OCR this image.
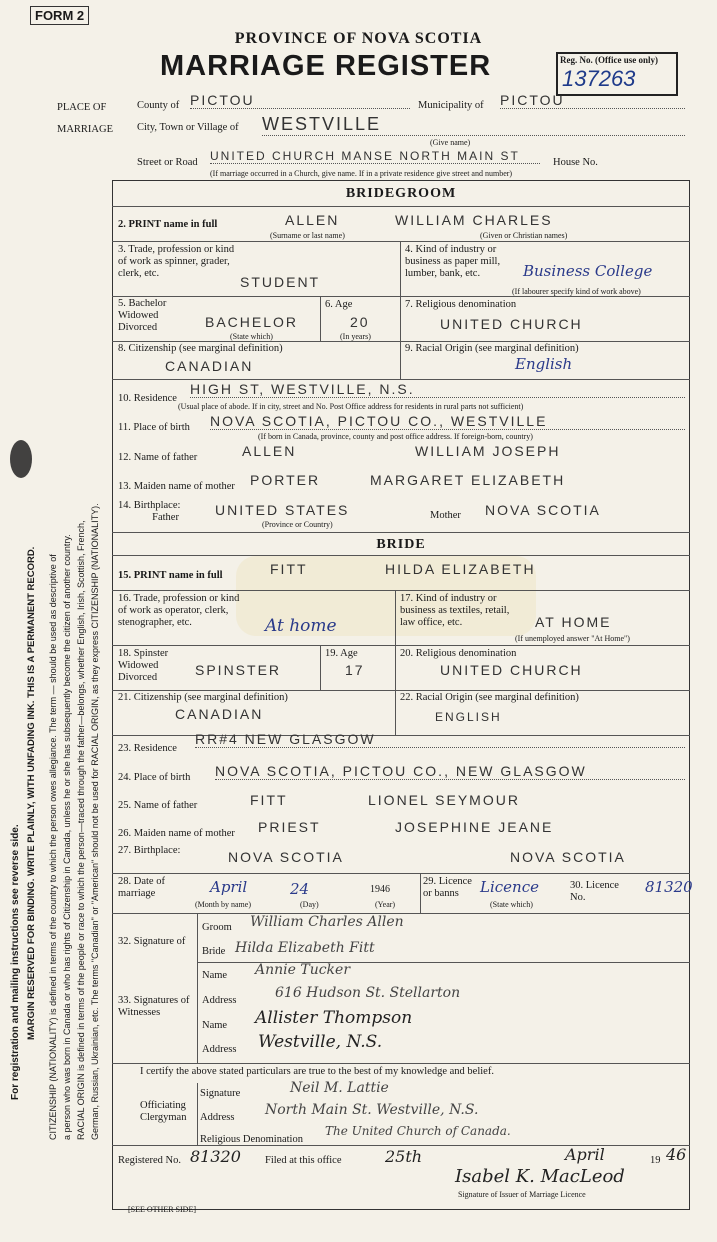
FORM 2
PROVINCE OF NOVA SCOTIA
MARRIAGE REGISTER	Reg. No. (Office use only)
137263
PLACE OF
MARRIAGE
County of PICTOU	Municipality of PICTOU
City, Town or Village of WESTVILLE
(Give name)
Street or Road UNITED CHURCH MANSE NORTH MAIN ST	House No.
(If marriage occurred in a Church, give name. If in a private residence give street and number)
BRIDEGROOM
2. PRINT name in full	ALLEN	WILLIAM CHARLES
(Surname or last name)	(Given or Christian names)
3. Trade, profession or kind of work as spinner, grader, clerk, etc.
STUDENT
4. Kind of industry or business as paper mill, lumber, bank, etc.	Business College
(If labourer specify kind of work above)
5. Bachelor Widowed Divorced	BACHELOR
(State which)
6. Age
20
(In years)
7. Religious denomination
UNITED CHURCH
8. Citizenship (see marginal definition)
CANADIAN
9. Racial Origin (see marginal definition)
English
10. Residence
HIGH ST, WESTVILLE, N.S.
(Usual place of abode. If in city, street and No. Post Office address for residents in rural parts not sufficient)
11. Place of birth NOVA SCOTIA, PICTOU CO., WESTVILLE
(If born in Canada, province, county and post office address. If foreign-born, country)
12. Name of father	ALLEN	WILLIAM JOSEPH
13. Maiden name of mother PORTER	MARGARET ELIZABETH
14. Birthplace:
Father	UNITED STATES	Mother NOVA SCOTIA
(Province or Country)
BRIDE
15. PRINT name in full	FITT	HILDA ELIZABETH
16. Trade, profession or kind of work as operator, clerk, stenographer, etc.	At home
17. Kind of industry or business as textiles, retail, law office, etc.	AT HOME
(If unemployed answer "At Home")
18. Spinster Widowed Divorced	SPINSTER
19. Age
17
20. Religious denomination
UNITED CHURCH
21. Citizenship (see marginal definition)
CANADIAN
22. Racial Origin (see marginal definition)
ENGLISH
23. Residence
RR#4 NEW GLASGOW
24. Place of birth NOVA SCOTIA, PICTOU CO., NEW GLASGOW
25. Name of father	FITT	LIONEL SEYMOUR
26. Maiden name of mother PRIEST	JOSEPHINE JEANE
27. Birthplace:	NOVA SCOTIA	NOVA SCOTIA
28. Date of marriage	April	24	1946
(Month by name)	(Day)	(Year)
29. Licence or banns	Licence
(State which)
30. Licence No.
81320
32. Signature of
Groom William Charles Allen
Bride Hilda Elizabeth Fitt
33. Signatures of Witnesses
Name Annie Tucker
Address	616 Hudson St. Stellarton
Name Allister Thompson
Address Westville, N.S.
I certify the above stated particulars are true to the best of my knowledge and belief.
Officiating Clergyman
Signature	Neil M. Lattie
Address North Main St. Westville, N.S.
Religious Denomination
The United Church of Canada.
Registered No. 81320 Filed at this office	25th	April	19 46
Isabel K. MacLeod
Signature of Issuer of Marriage Licence
[SEE OTHER SIDE]
For registration and mailing instructions see reverse side. MARGIN RESERVED FOR BINDING. WRITE PLAINLY, WITH UNFADING INK. THIS IS A PERMANENT RECORD. CITIZENSHIP (NATIONALITY) is defined in terms of the country to which the person owes allegiance. The term — should be used as descriptive of a person who was born in Canada or who has rights of Citizenship in Canada, unless he or she has subsequently become the citizen of another country. RACIAL ORIGIN is defined in terms of the people or race to which the person—traced through the father—belongs, whether English, Irish, Scottish, French, German, Russian, Ukrainian, etc. The terms "Canadian" or "American" should not be used for RACIAL ORIGIN, as they express CITIZENSHIP (NATIONALITY).
